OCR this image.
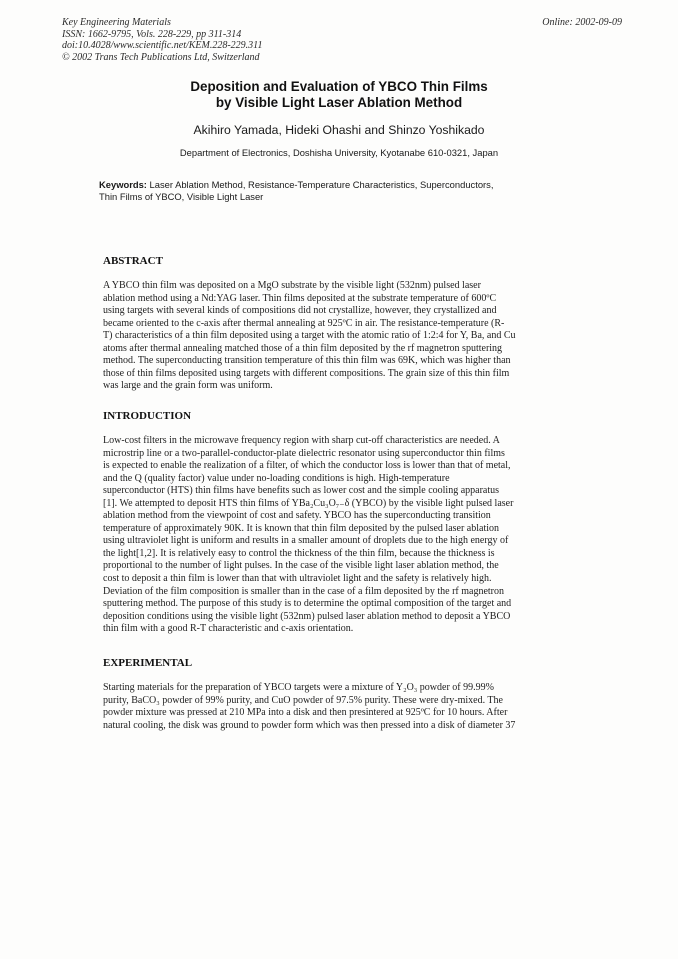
Key Engineering Materials
ISSN: 1662-9795, Vols. 228-229, pp 311-314
doi:10.4028/www.scientific.net/KEM.228-229.311
© 2002 Trans Tech Publications Ltd, Switzerland
Online: 2002-09-09
Deposition and Evaluation of YBCO Thin Films
by Visible Light Laser Ablation Method
Akihiro Yamada, Hideki Ohashi and Shinzo Yoshikado
Department of Electronics, Doshisha University, Kyotanabe 610-0321, Japan
Keywords: Laser Ablation Method, Resistance-Temperature Characteristics, Superconductors,
Thin Films of YBCO, Visible Light Laser
ABSTRACT
A YBCO thin film was deposited on a MgO substrate by the visible light (532nm) pulsed laser
ablation method using a Nd:YAG laser. Thin films deposited at the substrate temperature of 600ºC
using targets with several kinds of compositions did not crystallize, however, they crystallized and
became oriented to the c-axis after thermal annealing at 925ºC in air. The resistance-temperature (R-
T) characteristics of a thin film deposited using a target with the atomic ratio of 1:2:4 for Y, Ba, and Cu
atoms after thermal annealing matched those of a thin film deposited by the rf magnetron sputtering
method. The superconducting transition temperature of this thin film was 69K, which was higher than
those of thin films deposited using targets with different compositions. The grain size of this thin film
was large and the grain form was uniform.
INTRODUCTION
Low-cost filters in the microwave frequency region with sharp cut-off characteristics are needed. A
microstrip line or a two-parallel-conductor-plate dielectric resonator using superconductor thin films
is expected to enable the realization of a filter, of which the conductor loss is lower than that of metal,
and the Q (quality factor) value under no-loading conditions is high. High-temperature
superconductor (HTS) thin films have benefits such as lower cost and the simple cooling apparatus
[1]. We attempted to deposit HTS thin films of YBa₂Cu₃O₇₋δ (YBCO) by the visible light pulsed laser
ablation method from the viewpoint of cost and safety. YBCO has the superconducting transition
temperature of approximately 90K. It is known that thin film deposited by the pulsed laser ablation
using ultraviolet light is uniform and results in a smaller amount of droplets due to the high energy of
the light[1,2]. It is relatively easy to control the thickness of the thin film, because the thickness is
proportional to the number of light pulses. In the case of the visible light laser ablation method, the
cost to deposit a thin film is lower than that with ultraviolet light and the safety is relatively high.
Deviation of the film composition is smaller than in the case of a film deposited by the rf magnetron
sputtering method. The purpose of this study is to determine the optimal composition of the target and
deposition conditions using the visible light (532nm) pulsed laser ablation method to deposit a YBCO
thin film with a good R-T characteristic and c-axis orientation.
EXPERIMENTAL
Starting materials for the preparation of YBCO targets were a mixture of Y₂O₃ powder of 99.99%
purity, BaCO₃ powder of 99% purity, and CuO powder of 97.5% purity. These were dry-mixed. The
powder mixture was pressed at 210 MPa into a disk and then presintered at 925ºC for 10 hours. After
natural cooling, the disk was ground to powder form which was then pressed into a disk of diameter 37
